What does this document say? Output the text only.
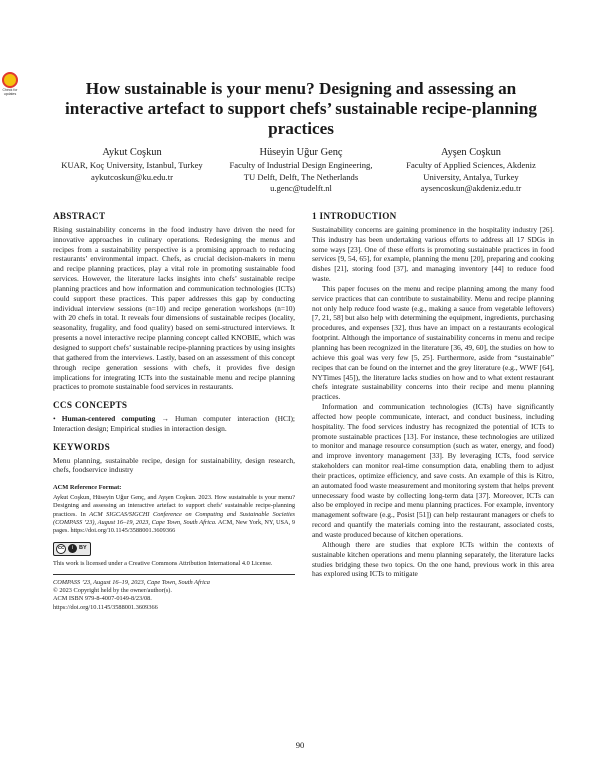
Check for updates	How sustainable is your menu? Designing and assessing an interactive artefact to support chefs’ sustainable recipe-planning practices
Aykut Coşkun
KUAR, Koç University, Istanbul, Turkey
aykutcoskun@ku.edu.tr
Hüseyin Uğur Genç
Faculty of Industrial Design Engineering, TU Delft, Delft, The Netherlands
u.genc@tudelft.nl
Ayşen Coşkun
Faculty of Applied Sciences, Akdeniz University, Antalya, Turkey
aysencoskun@akdeniz.edu.tr
ABSTRACT

Rising sustainability concerns in the food industry have driven the need for innovative approaches in culinary operations. Redesigning the menus and recipes from a sustainability perspective is a promising approach to reducing restaurants’ environmental impact. Chefs, as crucial decision-makers in menu and recipe planning practices, play a vital role in promoting sustainable food services. However, the literature lacks insights into chefs’ sustainable recipe planning practices and how information and communication technologies (ICTs) could support these practices. This paper addresses this gap by conducting individual interview sessions (n=10) and recipe generation workshops (n=10) with 20 chefs in total. It reveals four dimensions of sustainable recipes (locality, seasonality, frugality, and food quality) based on semi-structured interviews. It presents a novel interactive recipe planning concept called KNOBIE, which was designed to support chefs’ sustainable recipe-planning practices by using insights that gathered from the interviews. Lastly, based on an assessment of this concept through recipe generation sessions with chefs, it provides five design implications for integrating ICTs into the sustainable menu and recipe planning practices to promote sustainable food services in restaurants.

CCS CONCEPTS

• Human-centered computing → Human computer interaction (HCI); Interaction design; Empirical studies in interaction design.

KEYWORDS

Menu planning, sustainable recipe, design for sustainability, design research, chefs, foodservice industry

ACM Reference Format:

Aykut Coşkun, Hüseyin Uğur Genç, and Ayşen Coşkun. 2023. How sustainable is your menu? Designing and assessing an interactive artefact to support chefs’ sustainable recipe-planning practices. In ACM SIGCAS/SIGCHI Conference on Computing and Sustainable Societies (COMPASS ’23), August 16–19, 2023, Cape Town, South Africa. ACM, New York, NY, USA, 9 pages. https://doi.org/10.1145/3588001.3609366

cc	i	BY

This work is licensed under a Creative Commons Attribution International 4.0 License.

COMPASS ’23, August 16–19, 2023, Cape Town, South Africa

© 2023 Copyright held by the owner/author(s).

ACM ISBN 979-8-4007-0149-8/23/08.

https://doi.org/10.1145/3588001.3609366

1 INTRODUCTION

Sustainability concerns are gaining prominence in the hospitality industry [26]. This industry has been undertaking various efforts to address all 17 SDGs in some ways [23]. One of these efforts is promoting sustainable practices in food services [9, 54, 65], for example, planning the menu [20], preparing and cooking dishes [21], storing food [37], and managing inventory [44] to reduce food waste.

This paper focuses on the menu and recipe planning among the many food service practices that can contribute to sustainability. Menu and recipe planning not only help reduce food waste (e.g., making a sauce from vegetable leftovers) [7, 21, 58] but also help with determining the equipment, ingredients, purchasing procedures, and expenses [32], thus have an impact on a restaurants ecological footprint. Although the importance of sustainability concerns in menu and recipe planning has been recognized in the literature [36, 49, 60], the studies on how to achieve this goal was very few [5, 25]. Furthermore, aside from “sustainable” recipes that can be found on the internet and the grey literature (e.g., WWF [64], NYTimes [45]), the literature lacks studies on how and to what extent restaurant chefs integrate sustainability concerns into their recipe and menu planning practices.

Information and communication technologies (ICTs) have significantly affected how people communicate, interact, and conduct business, including hospitality. The food services industry has recognized the potential of ICTs to promote sustainable practices [13]. For instance, these technologies are utilized to monitor and manage resource consumption (such as water, energy, and food) and improve inventory management [33]. By leveraging ICTs, food service stakeholders can monitor real-time consumption data, enabling them to adjust their practices, optimize efficiency, and save costs. An example of this is Kitro, an automated food waste measurement and monitoring system that helps prevent unnecessary food waste by collecting long-term data [37]. Moreover, ICTs can also be employed in recipe and menu planning practices. For example, inventory management software (e.g., Posist [51]) can help restaurant managers or chefs to record and quantify the materials coming into the restaurant, associated costs, and waste produced because of kitchen operations.

Although there are studies that explore ICTs within the contexts of sustainable kitchen operations and menu planning separately, the literature lacks studies bridging these two topics. On the one hand, previous work in this area has explored using ICTs to mitigate

90
